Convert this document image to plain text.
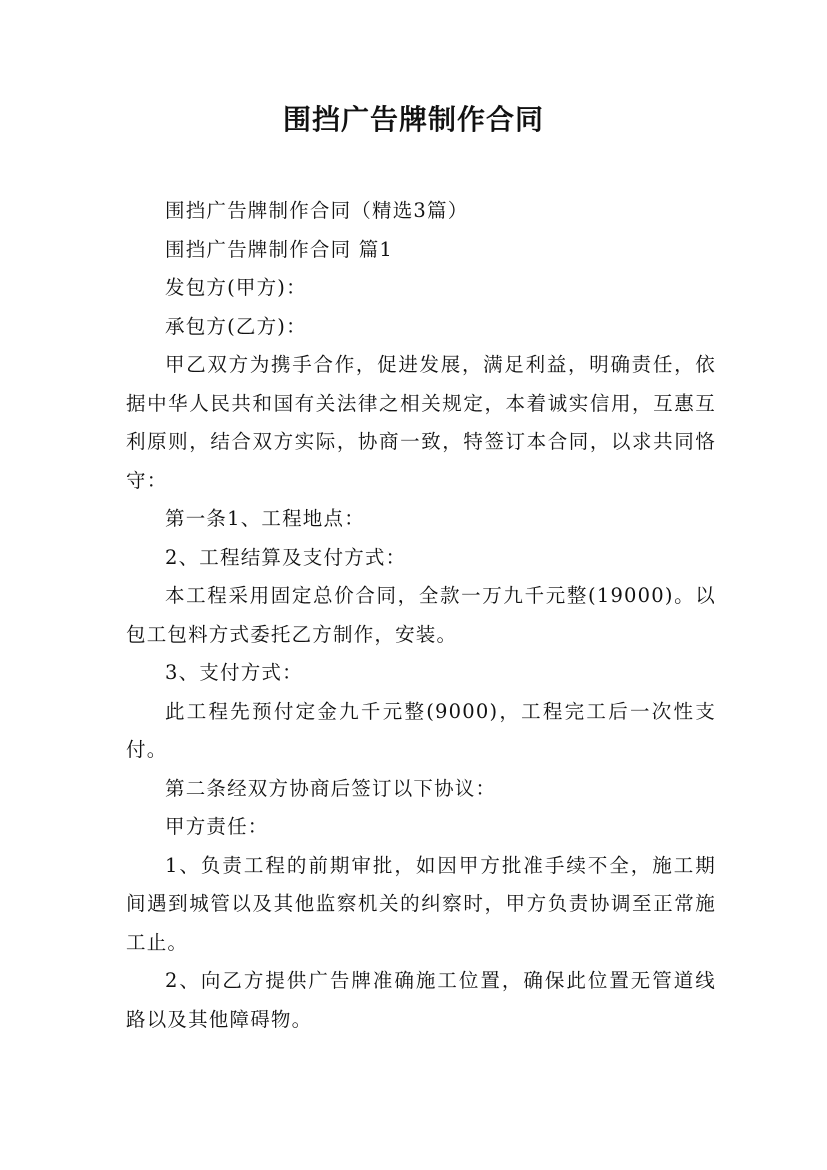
围挡广告牌制作合同

围挡广告牌制作合同（精选3篇）

围挡广告牌制作合同 篇1

发包方(甲方)：

承包方(乙方)：

甲乙双方为携手合作，促进发展，满足利益，明确责任，依据中华人民共和国有关法律之相关规定，本着诚实信用，互惠互利原则，结合双方实际，协商一致，特签订本合同，以求共同恪守：

第一条1、工程地点：

2、工程结算及支付方式：

本工程采用固定总价合同，全款一万九千元整(19000)。以包工包料方式委托乙方制作，安装。

3、支付方式：

此工程先预付定金九千元整(9000)，工程完工后一次性支付。

第二条经双方协商后签订以下协议：

甲方责任：

1、负责工程的前期审批，如因甲方批准手续不全，施工期间遇到城管以及其他监察机关的纠察时，甲方负责协调至正常施工止。

2、向乙方提供广告牌准确施工位置，确保此位置无管道线路以及其他障碍物。
